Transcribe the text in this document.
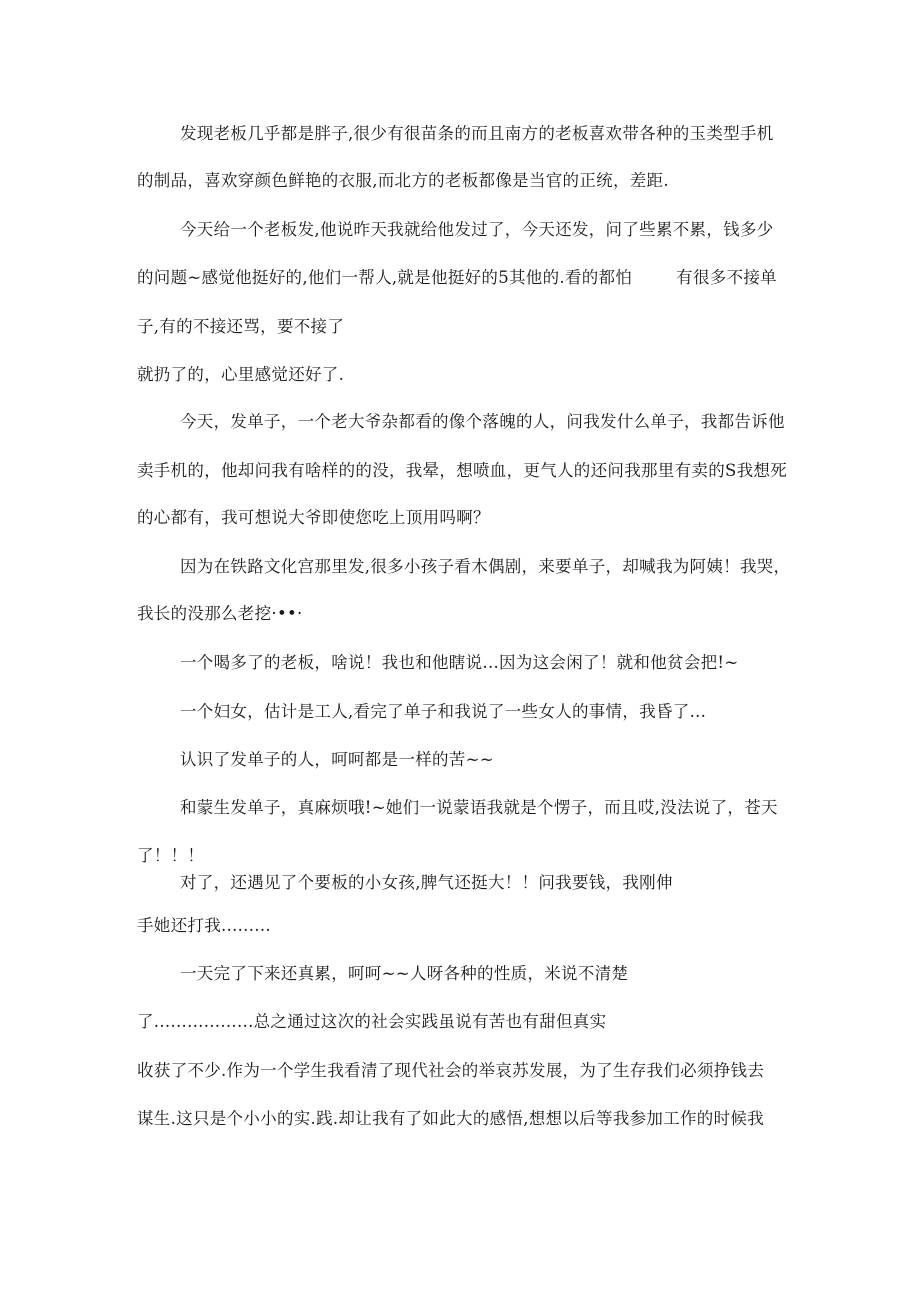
发现老板几乎都是胖子,很少有很苗条的而且南方的老板喜欢带各种的玉类型手机
的制品，喜欢穿颜色鲜艳的衣服,而北方的老板都像是当官的正统，差距.
今天给一个老板发,他说昨天我就给他发过了，今天还发，问了些累不累，钱多少
的问题~感觉他挺好的,他们一帮人,就是他挺好的5其他的.看的都怕	有很多不接单
子,有的不接还骂，要不接了
就扔了的，心里感觉还好了.
今天，发单子，一个老大爷杂都看的像个落魄的人，问我发什么单子，我都告诉他
卖手机的，他却问我有啥样的的没，我晕，想喷血，更气人的还问我那里有卖的S我想死
的心都有，我可想说大爷即使您吃上顶用吗啊？
因为在铁路文化宫那里发,很多小孩子看木偶剧，来要单子，却喊我为阿姨！我哭，
我长的没那么老挖·••·
一个喝多了的老板，啥说！我也和他瞎说...因为这会闲了！就和他贫会把!~
一个妇女，估计是工人,看完了单子和我说了一些女人的事情，我昏了…
认识了发单子的人，呵呵都是一样的苦~~
和蒙生发单子，真麻烦哦!~她们一说蒙语我就是个愣子，而且哎,没法说了，苍天
了！！！
对了，还遇见了个要板的小女孩,脾气还挺大！！问我要钱，我刚伸
手她还打我.........
一天完了下来还真累，呵呵~~人呀各种的性质，米说不清楚
了..................总之通过这次的社会实践虽说有苦也有甜但真实
收获了不少.作为一个学生我看清了现代社会的举哀苏发展，为了生存我们必须挣钱去
谋生.这只是个小小的实.践.却让我有了如此大的感悟,想想以后等我参加工作的时候我
